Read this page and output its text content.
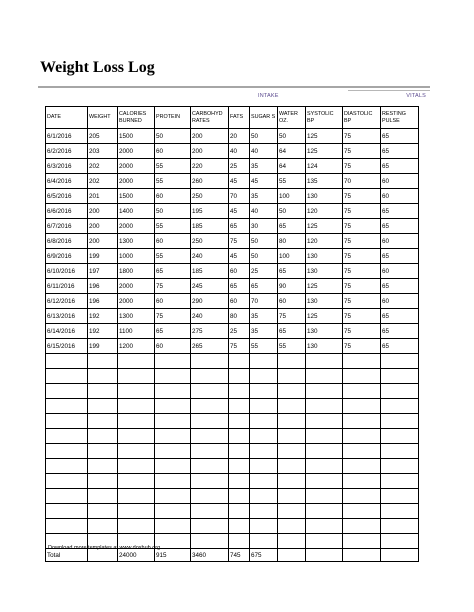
Weight Loss Log
INTAKE	VITALS
DATE	WEIGHT	CALORIES BURNED	PROTEIN	CARBOHYD RATES	FATS	SUGAR S	WATER OZ.	SYSTOLIC BP	DIASTOLIC BP	RESTING PULSE
6/1/2016	205	1500	50	200	20	50	50	125	75	65
6/2/2016	203	2000	60	200	40	40	64	125	75	65
6/3/2016	202	2000	55	220	25	35	64	124	75	65
6/4/2016	202	2000	55	260	45	45	55	135	70	60
6/5/2016	201	1500	60	250	70	35	100	130	75	60
6/6/2016	200	1400	50	195	45	40	50	120	75	65
6/7/2016	200	2000	55	185	65	30	65	125	75	65
6/8/2016	200	1300	60	250	75	50	80	120	75	60
6/9/2016	199	1000	55	240	45	50	100	130	75	65
6/10/2016	197	1800	65	185	60	25	65	130	75	60
6/11/2016	196	2000	75	245	65	65	90	125	75	65
6/12/2016	196	2000	60	290	60	70	60	130	75	60
6/13/2016	192	1300	75	240	80	35	75	125	75	65
6/14/2016	192	1100	65	275	25	35	65	130	75	65
6/15/2016	199	1200	60	265	75	55	55	130	75	65

Total		24000	915	3460	745	675				
Download more templates at www.doxhub.org
